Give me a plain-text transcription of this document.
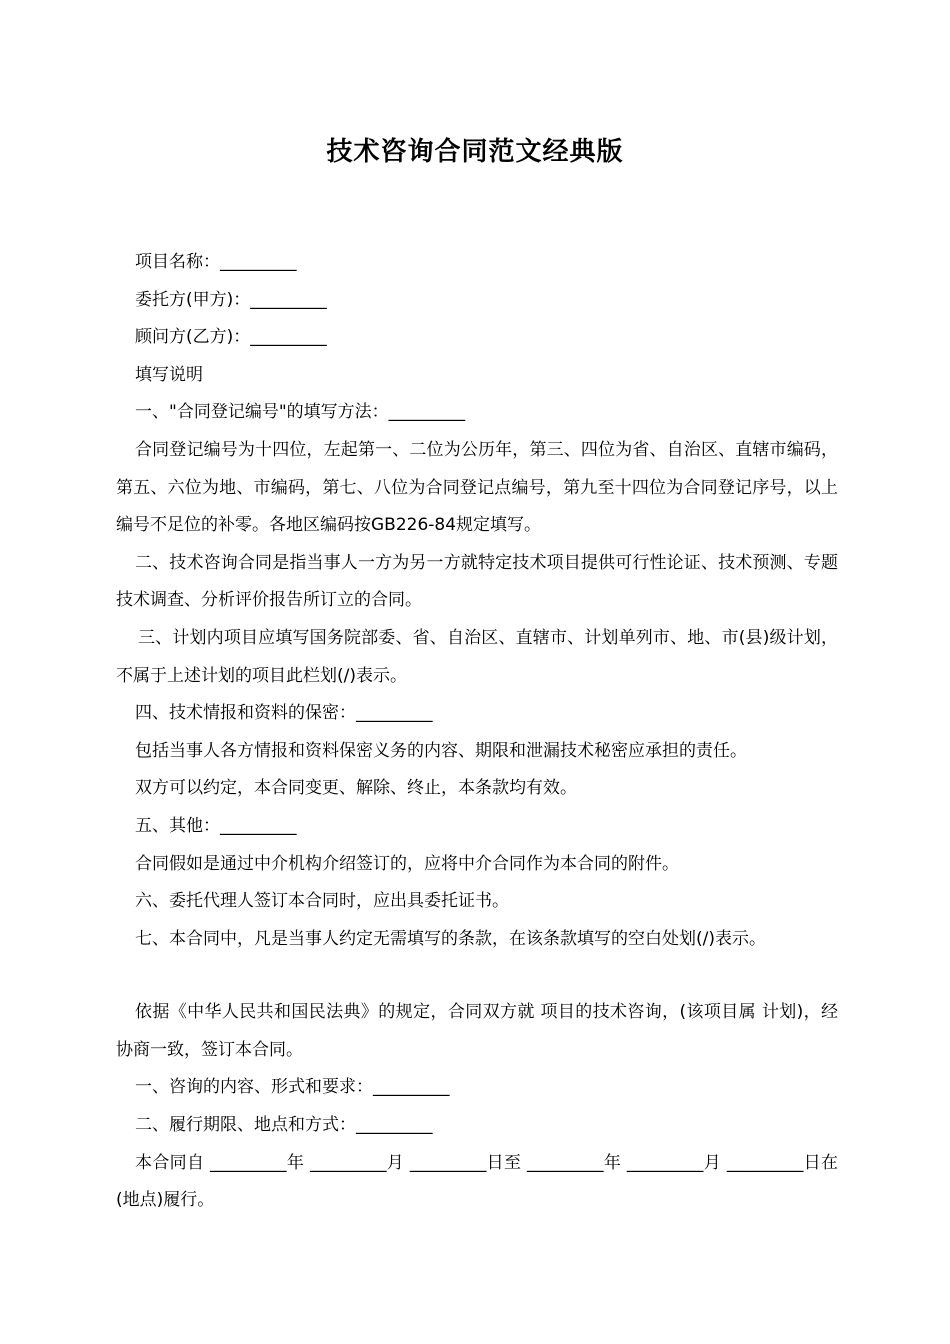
技术咨询合同范文经典版

项目名称：_________

委托方(甲方)：_________

顾问方(乙方)：_________

填写说明

一、"合同登记编号"的填写方法：_________

合同登记编号为十四位，左起第一、二位为公历年，第三、四位为省、自治区、直辖市编码，第五、六位为地、市编码，第七、八位为合同登记点编号，第九至十四位为合同登记序号，以上编号不足位的补零。各地区编码按GB226-84规定填写。

二、技术咨询合同是指当事人一方为另一方就特定技术项目提供可行性论证、技术预测、专题技术调查、分析评价报告所订立的合同。

三、计划内项目应填写国务院部委、省、自治区、直辖市、计划单列市、地、市(县)级计划，不属于上述计划的项目此栏划(/)表示。

四、技术情报和资料的保密：_________

包括当事人各方情报和资料保密义务的内容、期限和泄漏技术秘密应承担的责任。

双方可以约定，本合同变更、解除、终止，本条款均有效。

五、其他：_________

合同假如是通过中介机构介绍签订的，应将中介合同作为本合同的附件。

六、委托代理人签订本合同时，应出具委托证书。

七、本合同中，凡是当事人约定无需填写的条款，在该条款填写的空白处划(/)表示。

依据《中华人民共和国民法典》的规定，合同双方就 项目的技术咨询，(该项目属 计划)，经协商一致，签订本合同。

一、咨询的内容、形式和要求：_________

二、履行期限、地点和方式：_________

本合同自 _________年 _________月 _________日至 _________年 _________月 _________日在 (地点)履行。
